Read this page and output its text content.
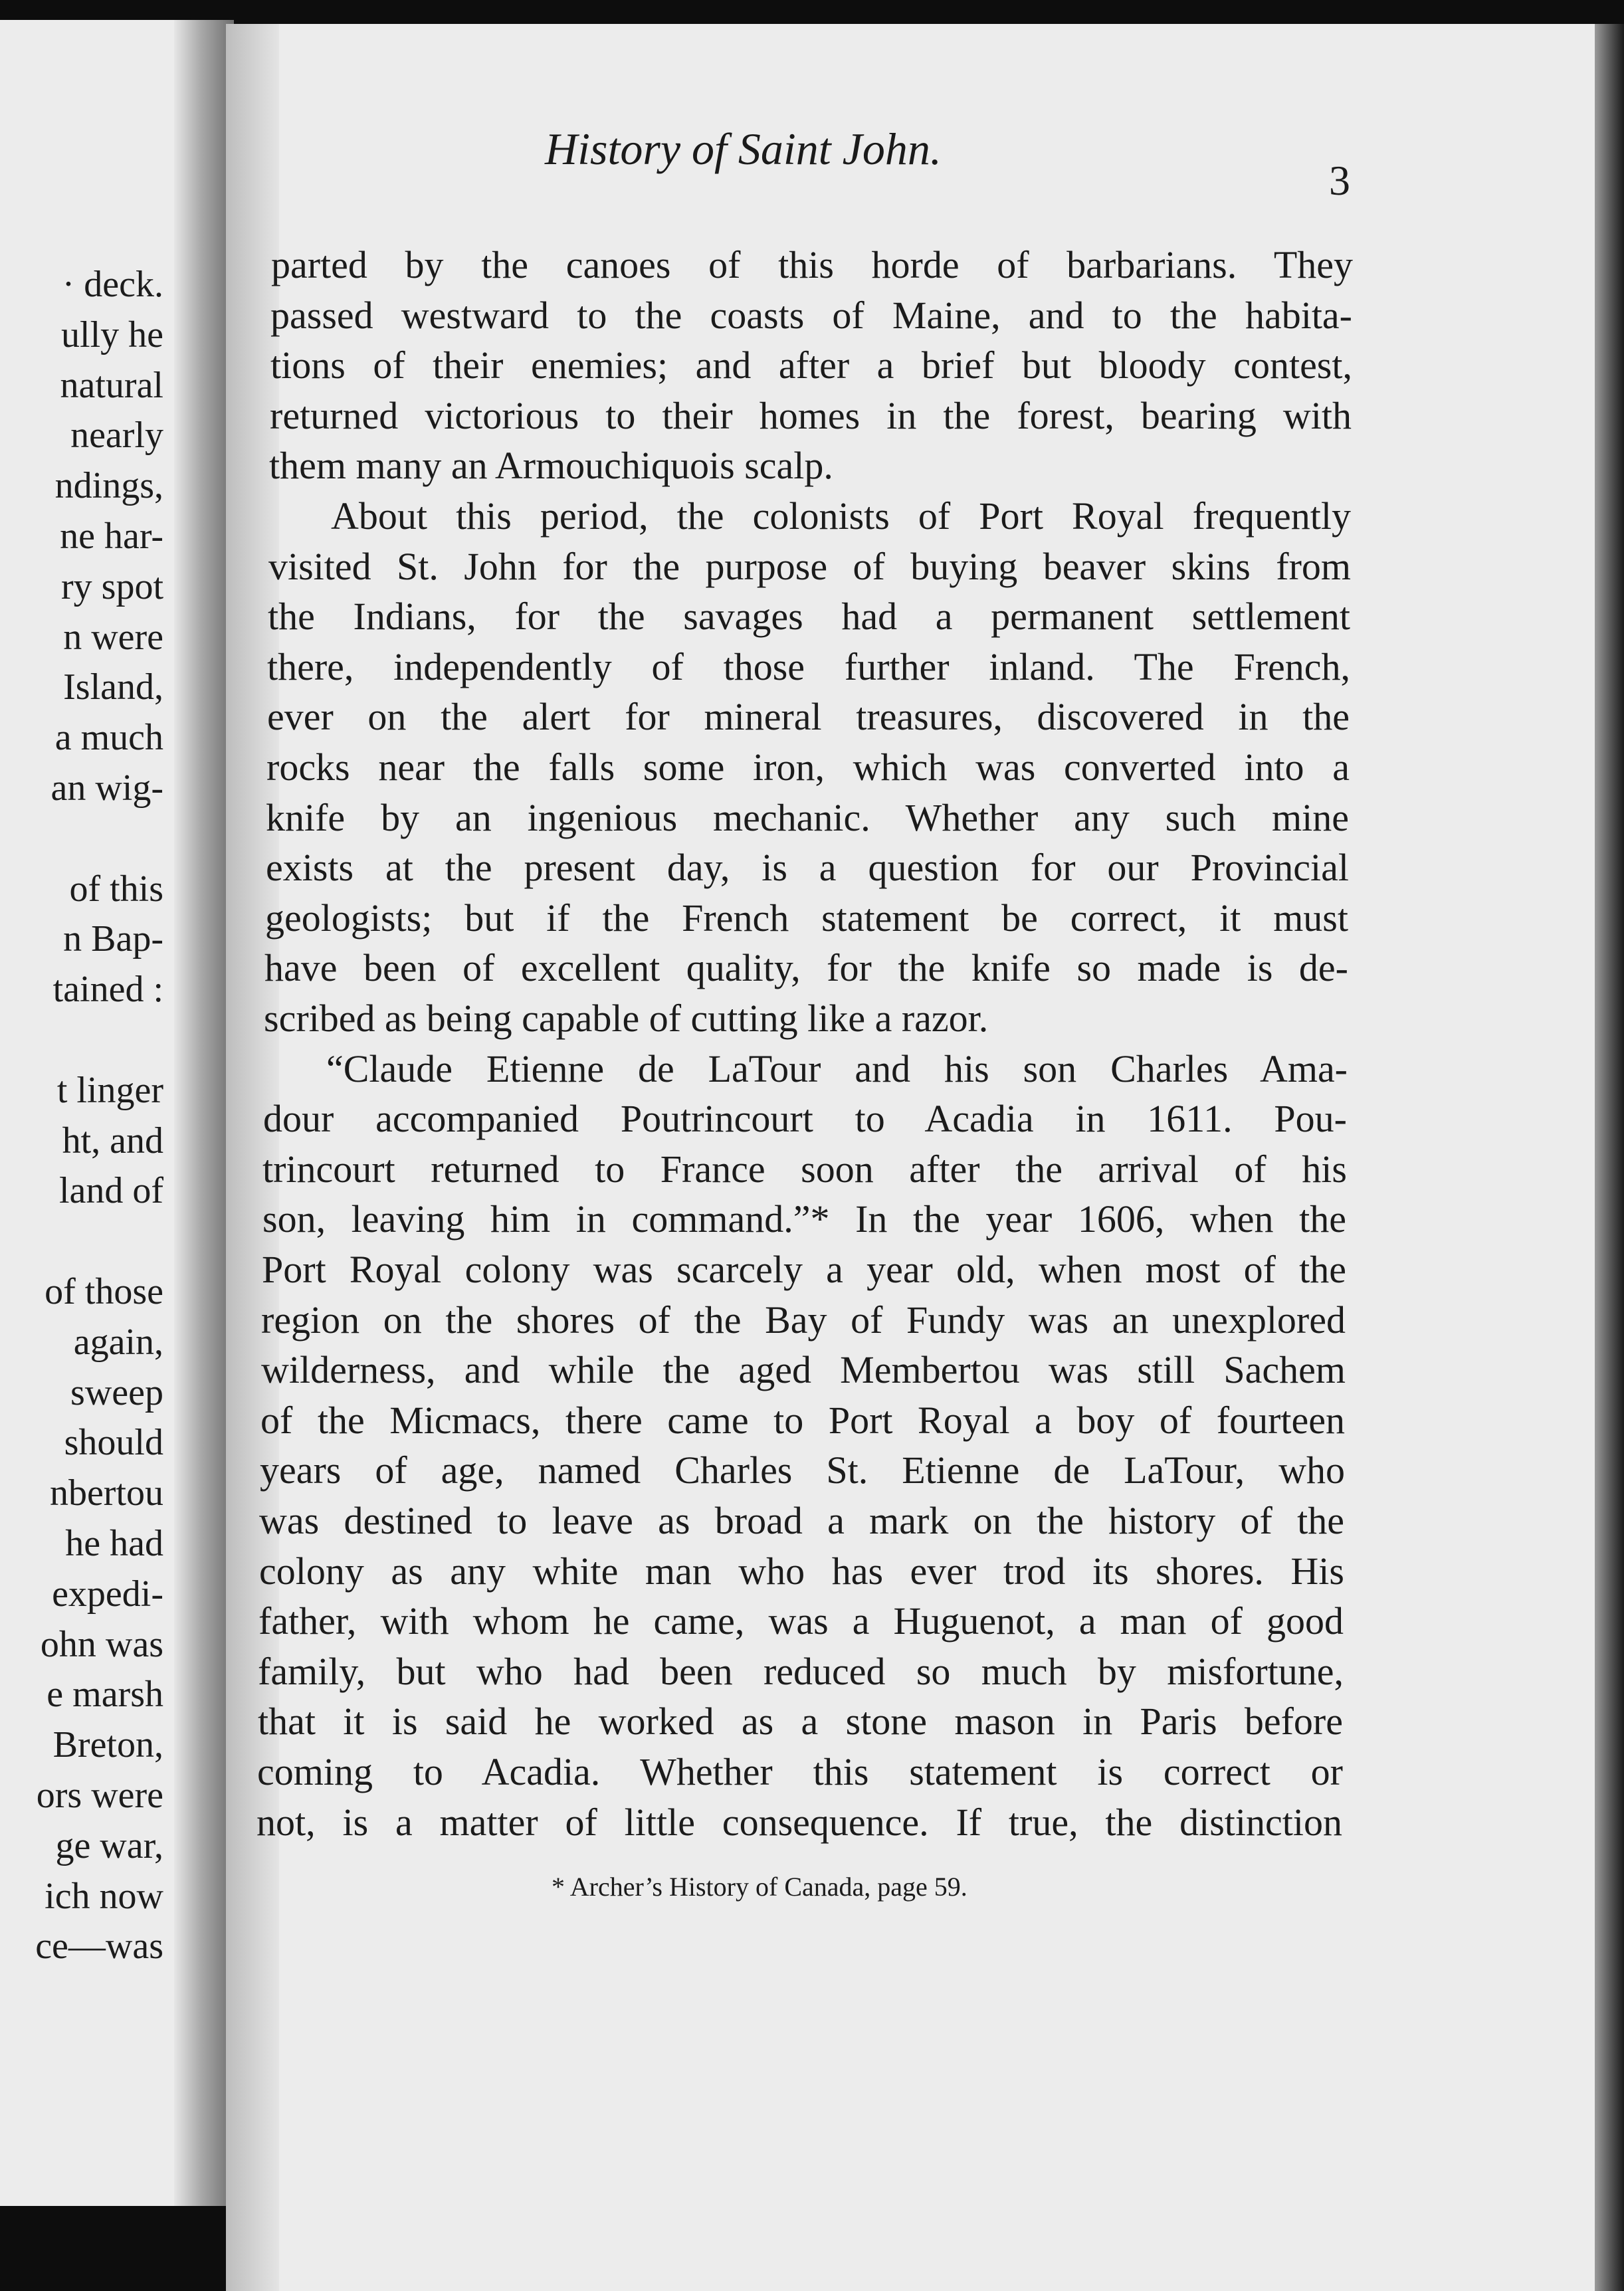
· deck.
ully he
natural
nearly
ndings,
ne har-
ry spot
n were
Island,
a much
an wig-
of this
n Bap-
tained :
t linger
ht, and
land of
of those
again,
sweep
should
nbertou
he had
expedi-
ohn was
e marsh
Breton,
ors were
ge war,
ich now
ce—was
History of Saint John.
3
parted by the canoes of this horde of barbarians. They
passed westward to the coasts of Maine, and to the habita-
tions of their enemies; and after a brief but bloody contest,
returned victorious to their homes in the forest, bearing with
them many an Armouchiquois scalp.
About this period, the colonists of Port Royal frequently
visited St. John for the purpose of buying beaver skins from
the Indians, for the savages had a permanent settlement
there, independently of those further inland. The French,
ever on the alert for mineral treasures, discovered in the
rocks near the falls some iron, which was converted into a
knife by an ingenious mechanic. Whether any such mine
exists at the present day, is a question for our Provincial
geologists; but if the French statement be correct, it must
have been of excellent quality, for the knife so made is de-
scribed as being capable of cutting like a razor.
“Claude Etienne de LaTour and his son Charles Ama-
dour accompanied Poutrincourt to Acadia in 1611. Pou-
trincourt returned to France soon after the arrival of his
son, leaving him in command.”* In the year 1606, when the
Port Royal colony was scarcely a year old, when most of the
region on the shores of the Bay of Fundy was an unexplored
wilderness, and while the aged Membertou was still Sachem
of the Micmacs, there came to Port Royal a boy of fourteen
years of age, named Charles St. Etienne de LaTour, who
was destined to leave as broad a mark on the history of the
colony as any white man who has ever trod its shores. His
father, with whom he came, was a Huguenot, a man of good
family, but who had been reduced so much by misfortune,
that it is said he worked as a stone mason in Paris before
coming to Acadia. Whether this statement is correct or
not, is a matter of little consequence. If true, the distinction
* Archer’s History of Canada, page 59.
